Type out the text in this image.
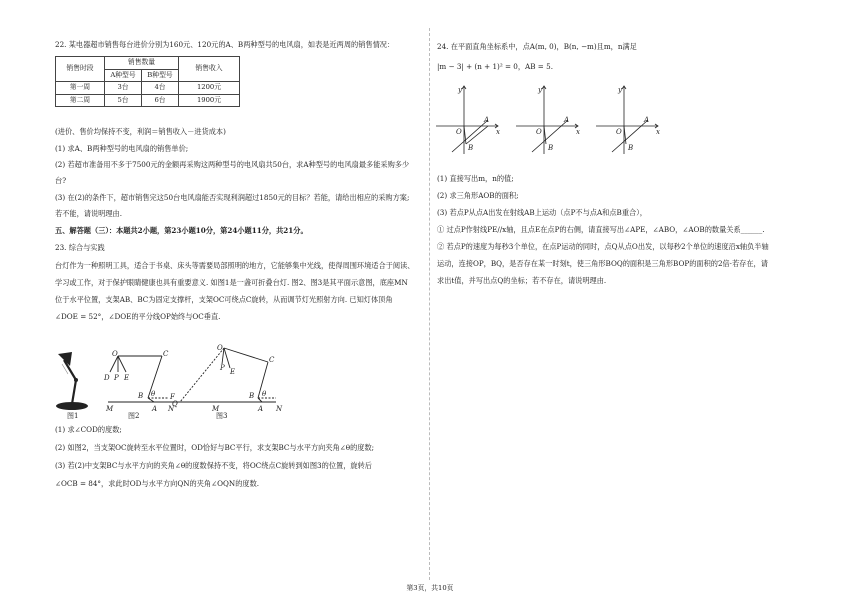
22. 某电器超市销售每台进价分别为160元、120元的A、B两种型号的电风扇，如表是近两周的销售情况：

销售时段	销售数量		销售收入
	A种型号	B种型号	
第一周	3台	4台	1200元
第二周	5台	6台	1900元

(进价、售价均保持不变，利润＝销售收入－进货成本)

(1) 求A、B两种型号的电风扇的销售单价;

(2) 若超市准备用不多于7500元的金额再采购这两种型号的电风扇共50台，求A种型号的电风扇最多能采购多少

台?

(3) 在(2)的条件下，超市销售完这50台电风扇能否实现利润超过1850元的目标？若能，请给出相应的采购方案;

若不能，请说明理由.

五、解答题（三）：本题共2小题，第23小题10分，第24小题11分，共21分。

23. 综合与实践

台灯作为一种照明工具，适合于书桌、床头等需要局部照明的地方，它能够集中光线，使得周围环境适合于阅读、

学习或工作，对于保护眼睛健康也具有重要意义. 如图1是一盏可折叠台灯. 图2、图3是其平面示意图，底座MN

位于水平位置，支架AB、BC为固定支撑杆，支架OC可绕点C旋转，从而调节灯光照射方向. 已知灯体顶角

∠DOE = 52°，∠DOE的平分线OP始终与OC垂直.

图1
O	C
D P E
B θ
M	A N
F
图2
O
C
P E
B θ
Q
M	A N
图3

(1) 求∠COD的度数;

(2) 如图2，当支架OC旋转至水平位置时，OD恰好与BC平行，求支架BC与水平方向夹角∠θ的度数;

(3) 若(2)中支架BC与水平方向的夹角∠θ的度数保持不变，将OC绕点C旋转到如图3的位置，旋转后

∠OCB = 84°，求此时OD与水平方向QN的夹角∠OQN的度数.

24. 在平面直角坐标系中，点A(m, 0)，B(n, −m)且m，n满足

|m − 3| + (n + 1)² = 0，AB = 5.

y
x
O
A
B
y
x
O
A
B
y
x
O
A
B

(1) 直接写出m，n的值;

(2) 求三角形AOB的面积;

(3) 若点P从点A出发在射线AB上运动（点P不与点A和点B重合），

① 过点P作射线PE//x轴，且点E在点P的右侧，请直接写出∠APE，∠ABO，∠AOB的数量关系______.

② 若点P的速度为每秒3个单位，在点P运动的同时，点Q从点O出发，以每秒2个单位的速度沿x轴负半轴

运动，连接OP，BQ，是否存在某一时刻t，使三角形BOQ的面积是三角形BOP的面积的2倍·若存在，请

求出t值，并写出点Q的坐标；若不存在，请说明理由.

第3页，共10页
